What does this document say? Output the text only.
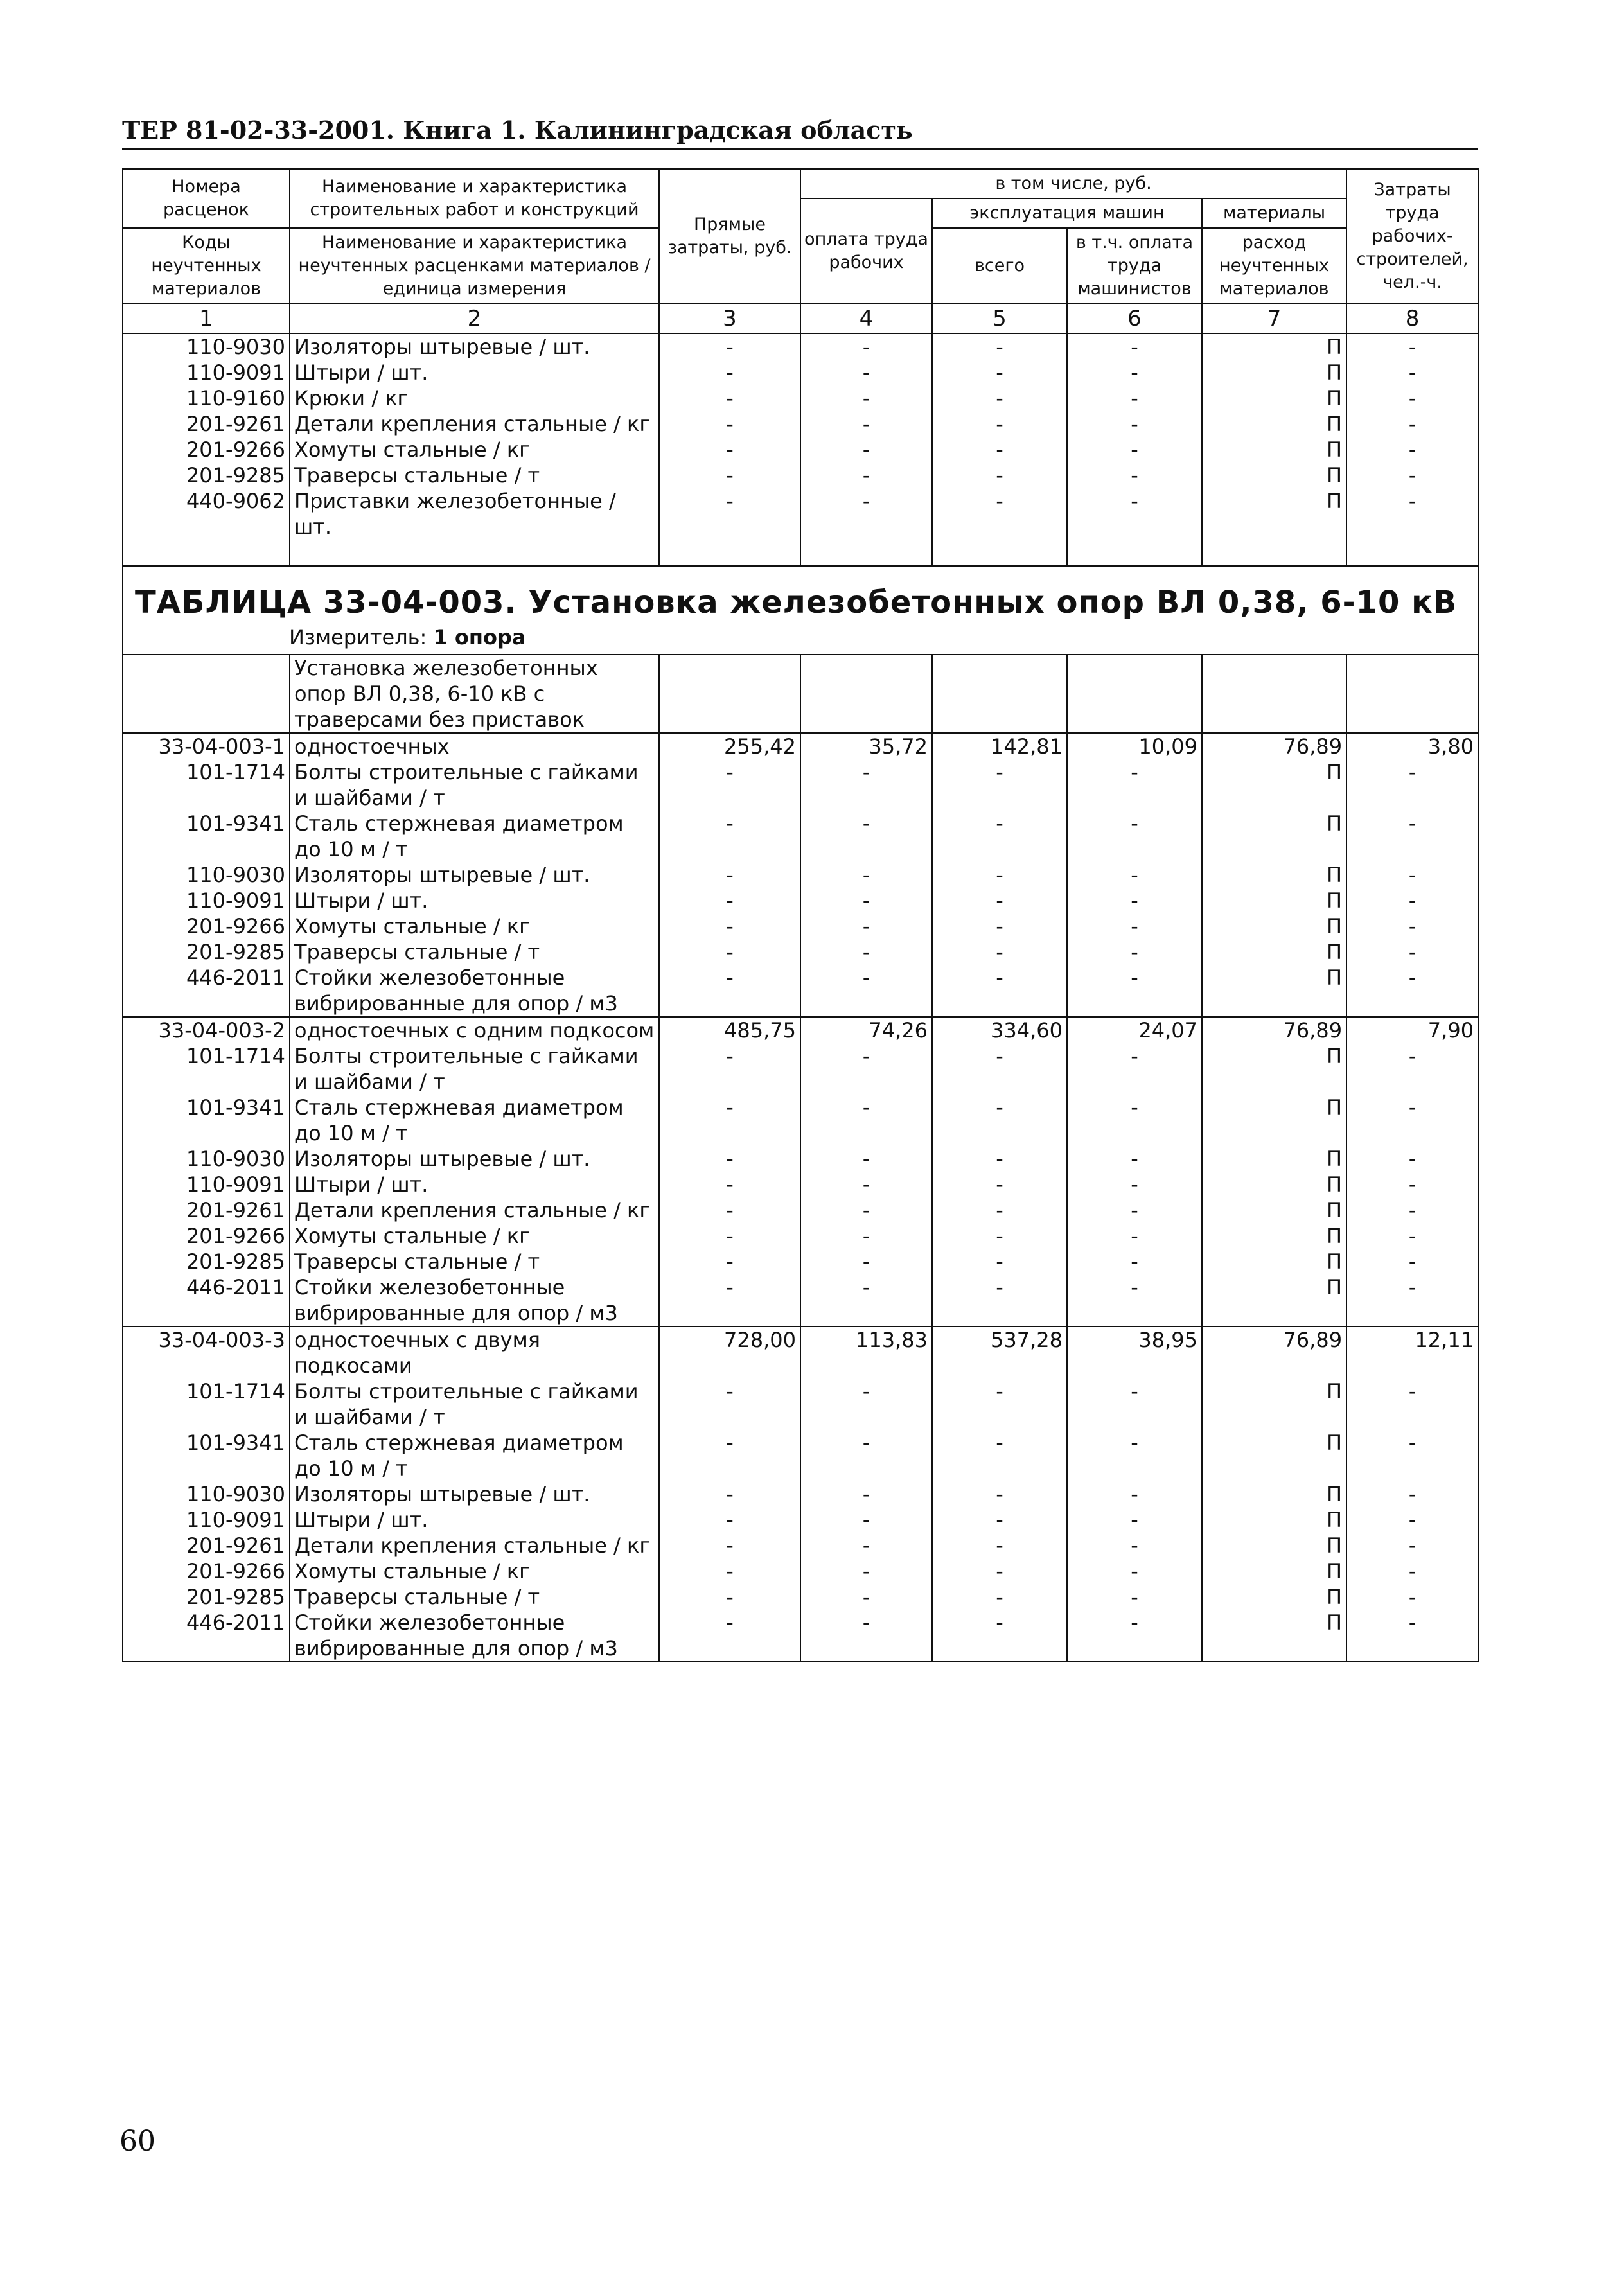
ТЕР 81-02-33-2001. Книга 1. Калининградская область
Номера расценок	Наименование и характеристика строительных работ и конструкций	Прямые затраты, руб.	в том числе, руб.				Затраты труда рабочих-строителей, чел.-ч.
			оплата труда рабочих	эксплуатация машин		материалы	
Коды неучтенных материалов	Наименование и характеристика неучтенных расценками материалов / единица измерения			всего	в т.ч. оплата труда машинистов	расход неучтенных материалов	

1	2	3	4	5	6	7	8
110-9030	Изоляторы штыревые / шт.	-	-	-	-	П	-
110-9091	Штыри / шт.	-	-	-	-	П	-
110-9160	Крюки / кг	-	-	-	-	П	-
201-9261	Детали крепления стальные / кг	-	-	-	-	П	-
201-9266	Хомуты стальные / кг	-	-	-	-	П	-
201-9285	Траверсы стальные / т	-	-	-	-	П	-
440-9062	Приставки железобетонные / шт.	-	-	-	-	П	-

ТАБЛИЦА 33-04-003. Установка железобетонных опор ВЛ 0,38, 6-10 кВ
Измеритель: 1 опора							

	Установка железобетонных опор ВЛ 0,38, 6-10 кВ с траверсами без приставок						
33-04-003-1	одностоечных	255,42	35,72	142,81	10,09	76,89	3,80
101-1714	Болты строительные с гайками и шайбами / т	-	-	-	-	П	-
101-9341	Сталь стержневая диаметром до 10 м / т	-	-	-	-	П	-
110-9030	Изоляторы штыревые / шт.	-	-	-	-	П	-
110-9091	Штыри / шт.	-	-	-	-	П	-
201-9266	Хомуты стальные / кг	-	-	-	-	П	-
201-9285	Траверсы стальные / т	-	-	-	-	П	-
446-2011	Стойки железобетонные вибрированные для опор / м3	-	-	-	-	П	-
33-04-003-2	одностоечных с одним подкосом	485,75	74,26	334,60	24,07	76,89	7,90
101-1714	Болты строительные с гайками и шайбами / т	-	-	-	-	П	-
101-9341	Сталь стержневая диаметром до 10 м / т	-	-	-	-	П	-
110-9030	Изоляторы штыревые / шт.	-	-	-	-	П	-
110-9091	Штыри / шт.	-	-	-	-	П	-
201-9261	Детали крепления стальные / кг	-	-	-	-	П	-
201-9266	Хомуты стальные / кг	-	-	-	-	П	-
201-9285	Траверсы стальные / т	-	-	-	-	П	-
446-2011	Стойки железобетонные вибрированные для опор / м3	-	-	-	-	П	-
33-04-003-3	одностоечных с двумя подкосами	728,00	113,83	537,28	38,95	76,89	12,11
101-1714	Болты строительные с гайками и шайбами / т	-	-	-	-	П	-
101-9341	Сталь стержневая диаметром до 10 м / т	-	-	-	-	П	-
110-9030	Изоляторы штыревые / шт.	-	-	-	-	П	-
110-9091	Штыри / шт.	-	-	-	-	П	-
201-9261	Детали крепления стальные / кг	-	-	-	-	П	-
201-9266	Хомуты стальные / кг	-	-	-	-	П	-
201-9285	Траверсы стальные / т	-	-	-	-	П	-
446-2011	Стойки железобетонные вибрированные для опор / м3	-	-	-	-	П	-
60
